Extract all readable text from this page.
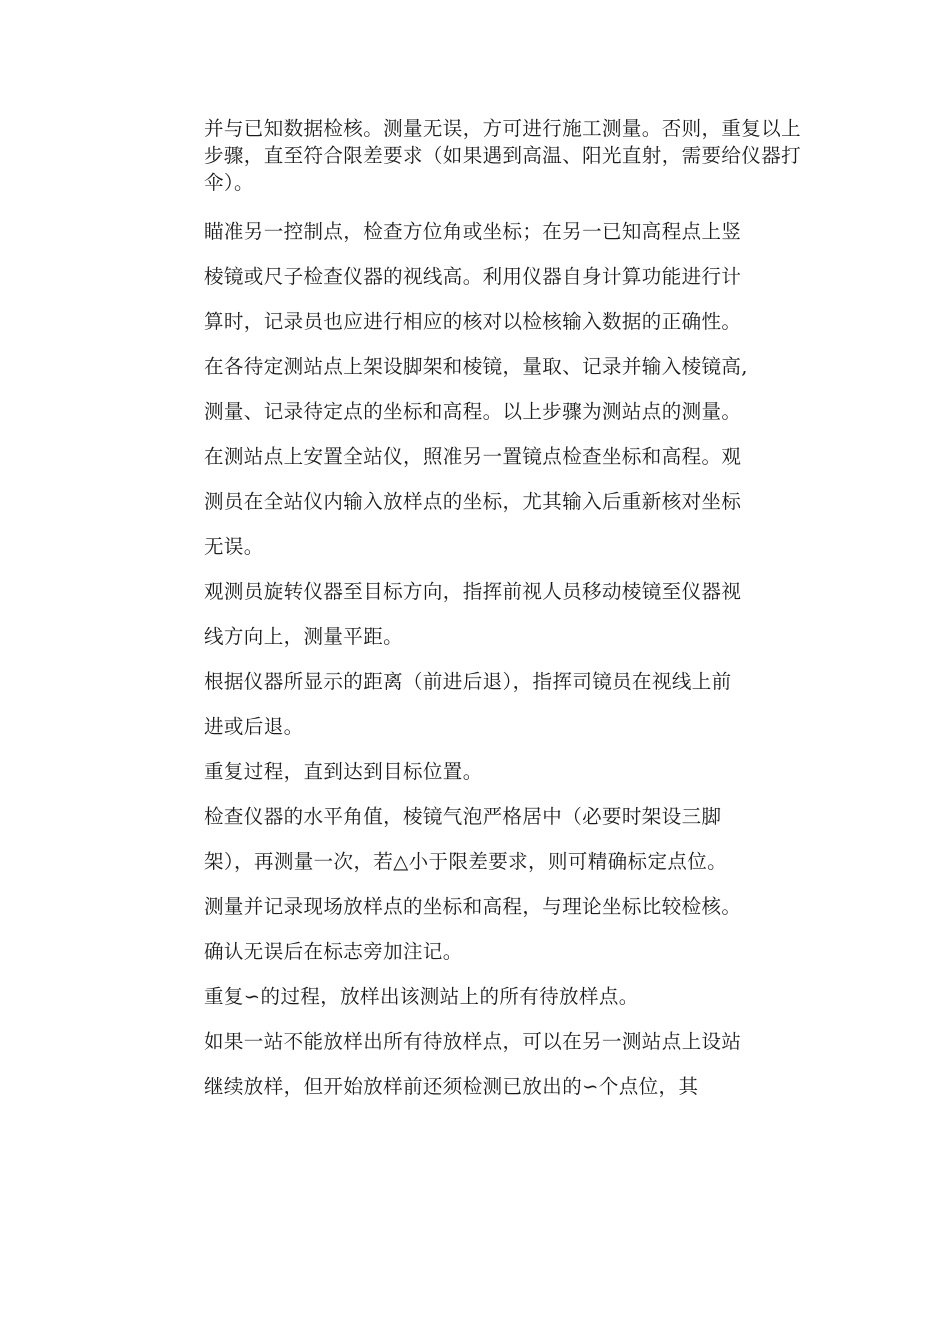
并与已知数据检核。测量无误，方可进行施工测量。否则，重复以上步骤，直至符合限差要求（如果遇到高温、阳光直射，需要给仪器打伞）。

瞄准另一控制点，检查方位角或坐标；在另一已知高程点上竖
棱镜或尺子检查仪器的视线高。利用仪器自身计算功能进行计
算时，记录员也应进行相应的核对以检核输入数据的正确性。
在各待定测站点上架设脚架和棱镜，量取、记录并输入棱镜高,
测量、记录待定点的坐标和高程。以上步骤为测站点的测量。
在测站点上安置全站仪，照准另一置镜点检查坐标和高程。观
测员在全站仪内输入放样点的坐标，尤其输入后重新核对坐标
无误。
观测员旋转仪器至目标方向，指挥前视人员移动棱镜至仪器视
线方向上，测量平距。
根据仪器所显示的距离（前进后退），指挥司镜员在视线上前
进或后退。
重复过程，直到达到目标位置。
检查仪器的水平角值，棱镜气泡严格居中（必要时架设三脚
架），再测量一次，若△小于限差要求，则可精确标定点位。
测量并记录现场放样点的坐标和高程，与理论坐标比较检核。
确认无误后在标志旁加注记。
重复∽的过程，放样出该测站上的所有待放样点。
如果一站不能放样出所有待放样点，可以在另一测站点上设站
继续放样，但开始放样前还须检测已放出的∽个点位，其
